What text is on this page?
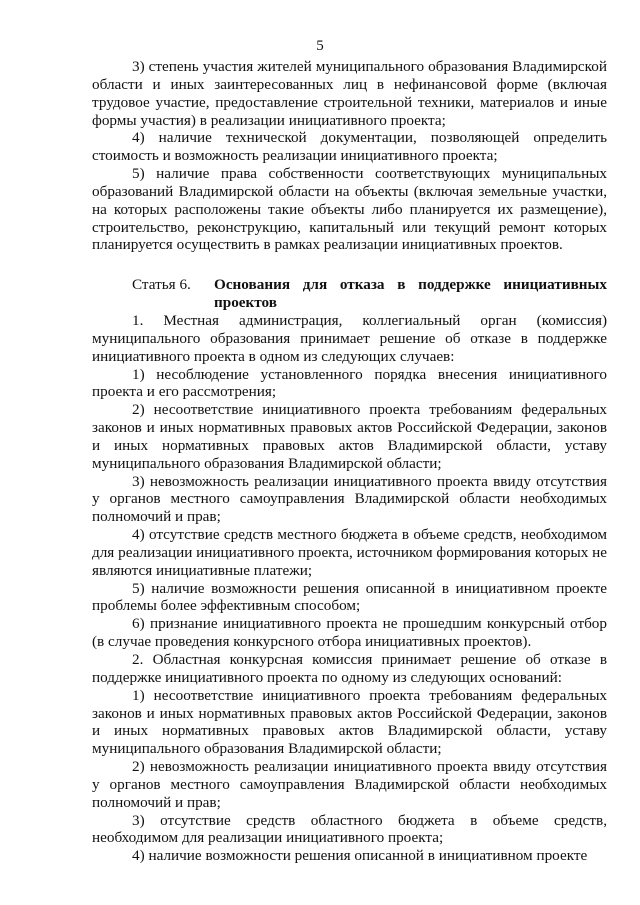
5

3) степень участия жителей муниципального образования Владимирской области и иных заинтересованных лиц в нефинансовой форме (включая трудовое участие, предоставление строительной техники, материалов и иные формы участия) в реализации инициативного проекта;

4) наличие технической документации, позволяющей определить стоимость и возможность реализации инициативного проекта;

5) наличие права собственности соответствующих муниципальных образований Владимирской области на объекты (включая земельные участки, на которых расположены такие объекты либо планируется их размещение), строительство, реконструкцию, капитальный или текущий ремонт которых планируется осуществить в рамках реализации инициативных проектов.

Статья 6.	Основания для отказа в поддержке инициативных проектов

1. Местная администрация, коллегиальный орган (комиссия) муниципального образования принимает решение об отказе в поддержке инициативного проекта в одном из следующих случаев:

1) несоблюдение установленного порядка внесения инициативного проекта и его рассмотрения;

2) несоответствие инициативного проекта требованиям федеральных законов и иных нормативных правовых актов Российской Федерации, законов и иных нормативных правовых актов Владимирской области, уставу муниципального образования Владимирской области;

3) невозможность реализации инициативного проекта ввиду отсутствия у органов местного самоуправления Владимирской области необходимых полномочий и прав;

4) отсутствие средств местного бюджета в объеме средств, необходимом для реализации инициативного проекта, источником формирования которых не являются инициативные платежи;

5) наличие возможности решения описанной в инициативном проекте проблемы более эффективным способом;

6) признание инициативного проекта не прошедшим конкурсный отбор (в случае проведения конкурсного отбора инициативных проектов).

2. Областная конкурсная комиссия принимает решение об отказе в поддержке инициативного проекта по одному из следующих оснований:

1) несоответствие инициативного проекта требованиям федеральных законов и иных нормативных правовых актов Российской Федерации, законов и иных нормативных правовых актов Владимирской области, уставу муниципального образования Владимирской области;

2) невозможность реализации инициативного проекта ввиду отсутствия у органов местного самоуправления Владимирской области необходимых полномочий и прав;

3) отсутствие средств областного бюджета в объеме средств, необходимом для реализации инициативного проекта;

4) наличие возможности решения описанной в инициативном проекте
